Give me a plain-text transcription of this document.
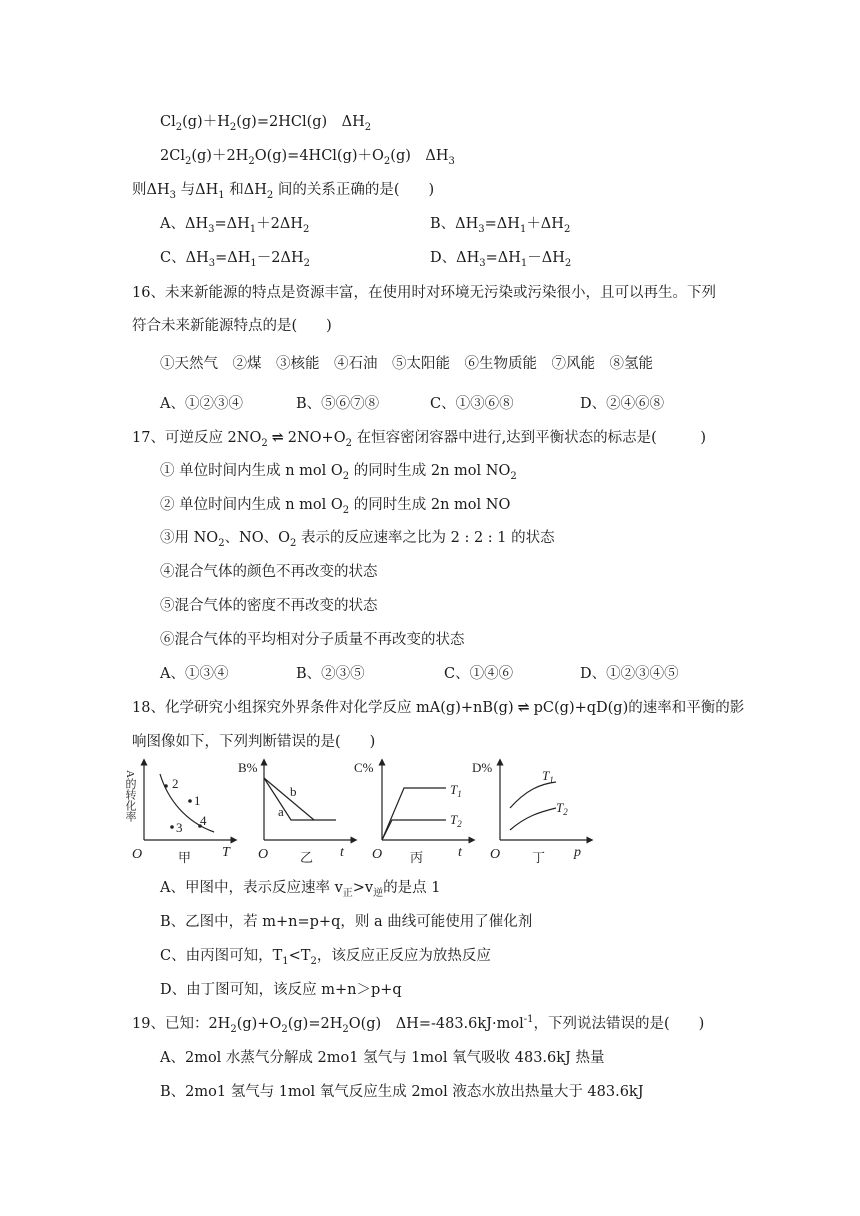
$Cl_2(g)+H_2(g)=2HCl(g)$　$\Delta H_2$
$2Cl_2(g)+2H_2O(g)=4HCl(g)+O_2(g)$　$\Delta H_3$
则$\Delta H_3$ 与$\Delta H_1$ 和$\Delta H_2$ 间的关系正确的是(　　)
A、$\Delta H_3=\Delta H_1+2\Delta H_2$	B、$\Delta H_3=\Delta H_1+\Delta H_2$
C、$\Delta H_3=\Delta H_1-2\Delta H_2$	D、$\Delta H_3=\Delta H_1-\Delta H_2$
16、未来新能源的特点是资源丰富，在使用时对环境无污染或污染很小，且可以再生。下列
符合未来新能源特点的是(　　)
①天然气　②煤　③核能　④石油　⑤太阳能　⑥生物质能　⑦风能　⑧氢能
A、①②③④	B、⑤⑥⑦⑧	C、①③⑥⑧	D、②④⑥⑧
17、可逆反应 $2NO_2$ ⇌ $2NO+O_2$ 在恒容密闭容器中进行,达到平衡状态的标志是(　　　)
① 单位时间内生成 n mol $O_2$ 的同时生成 2n mol $NO_2$
② 单位时间内生成 n mol $O_2$ 的同时生成 2n mol NO
③用 $NO_2$、NO、$O_2$ 表示的反应速率之比为 2 : 2 : 1 的状态
④混合气体的颜色不再改变的状态
⑤混合气体的密度不再改变的状态
⑥混合气体的平均相对分子质量不再改变的状态
A、①③④	B、②③⑤	C、①④⑥	D、①②③④⑤
18、化学研究小组探究外界条件对化学反应 mA(g)+nB(g) ⇌ pC(g)+qD(g)的速率和平衡的影
响图像如下，下列判断错误的是(　　)
A的转化率	2
1
3 4
O	T
甲
B%
b
a
O	t
乙
C%
$T_1$
$T_2$
O	t
丙
D%
$T_1$
$T_2$
O	p
丁
A、甲图中，表示反应速率 $v_正>v_逆$的是点 1
B、乙图中，若 m+n=p+q，则 a 曲线可能使用了催化剂
C、由丙图可知，$T_1<T_2$，该反应正反应为放热反应
D、由丁图可知，该反应 m+n＞p+q
19、已知：$2H_2(g)+O_2(g)=2H_2O(g)$　ΔH=-483.6kJ·mol$^{-1}$，下列说法错误的是(　　)
A、2mol 水蒸气分解成 2mo1 氢气与 1mol 氧气吸收 483.6kJ 热量
B、2mo1 氢气与 1mol 氧气反应生成 2mol 液态水放出热量大于 483.6kJ
